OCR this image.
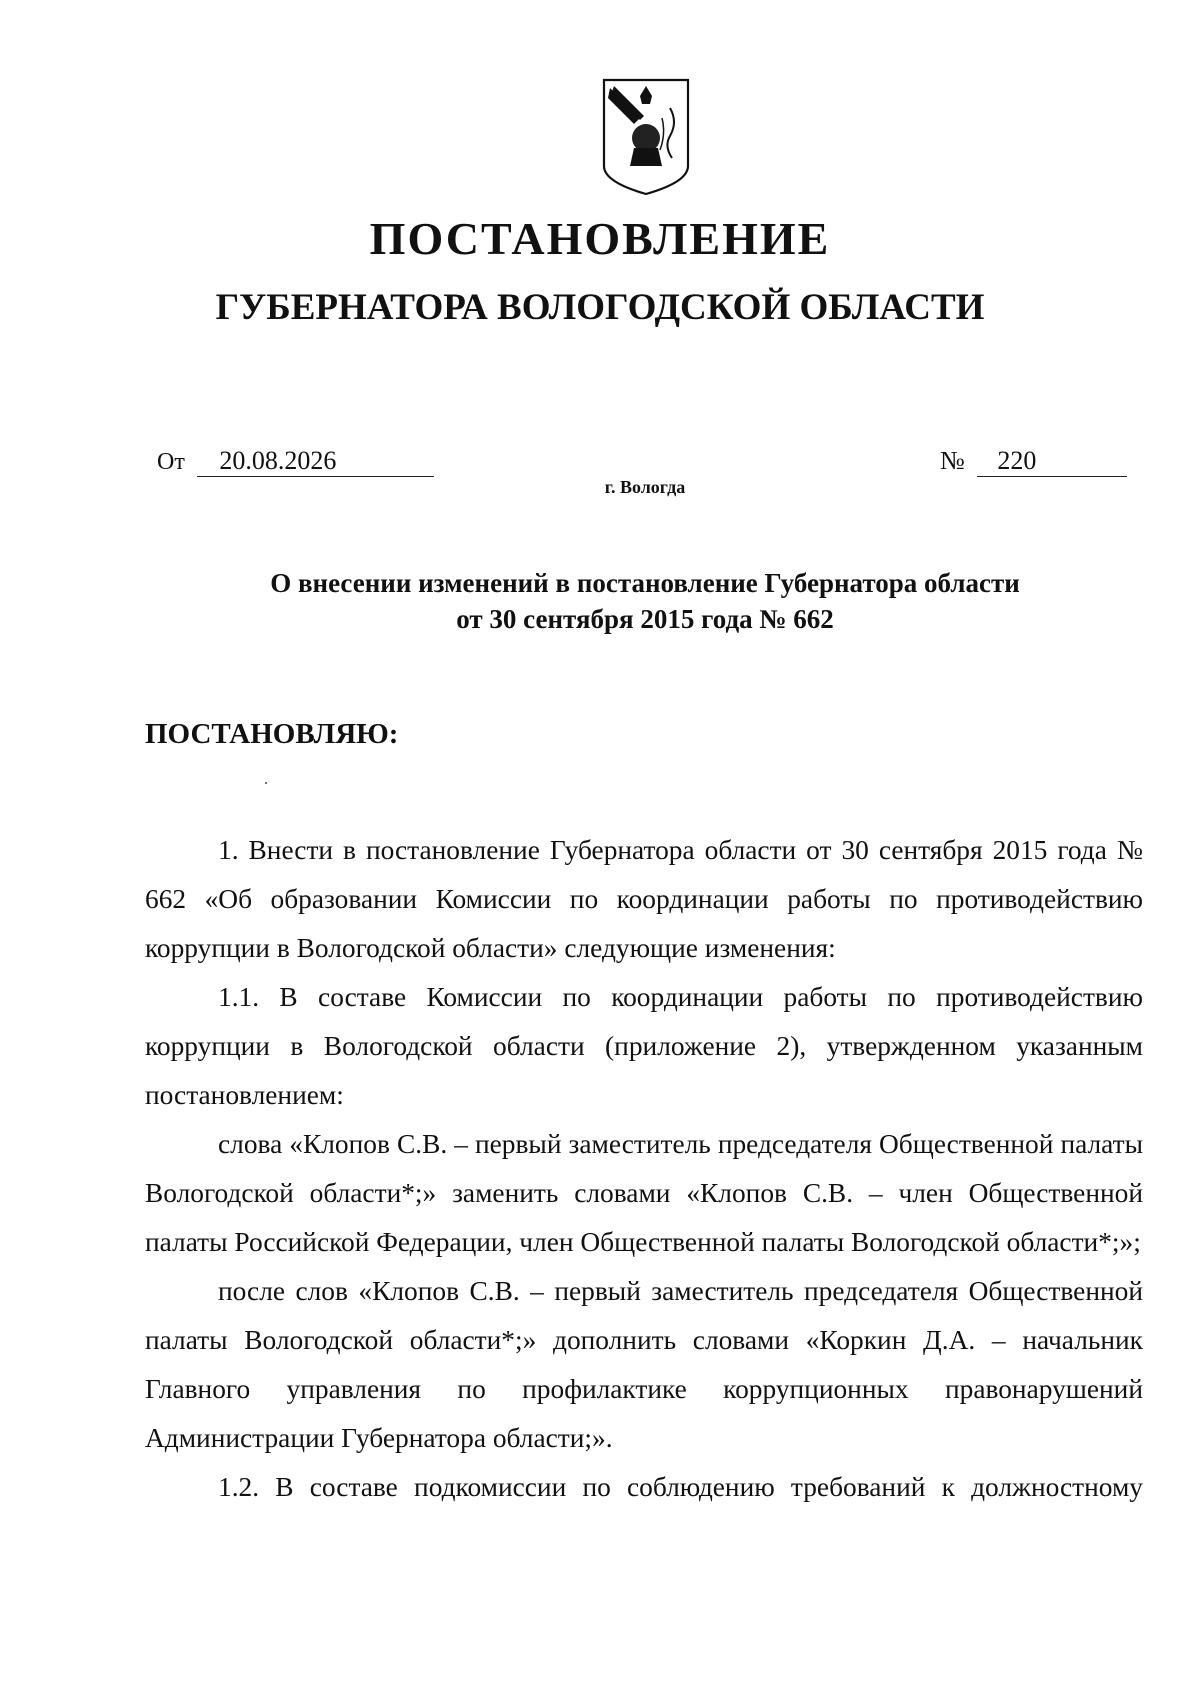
ПОСТАНОВЛЕНИЕ
ГУБЕРНАТОРА ВОЛОГОДСКОЙ ОБЛАСТИ
От 20.08.2026	№ 220
г. Вологда

О внесении изменений в постановление Губернатора области
от 30 сентября 2015 года № 662

ПОСТАНОВЛЯЮ:

1. Внести в постановление Губернатора области от 30 сентября 2015 года № 662 «Об образовании Комиссии по координации работы по противодействию коррупции в Вологодской области» следующие изменения:

1.1. В составе Комиссии по координации работы по противодействию коррупции в Вологодской области (приложение 2), утвержденном указанным постановлением:

слова «Клопов С.В. – первый заместитель председателя Общественной палаты Вологодской области*;» заменить словами «Клопов С.В. – член Общественной палаты Российской Федерации, член Общественной палаты Вологодской области*;»;

после слов «Клопов С.В. – первый заместитель председателя Общественной палаты Вологодской области*;» дополнить словами «Коркин Д.А. – начальник Главного управления по профилактике коррупционных правонарушений Администрации Губернатора области;».

1.2. В составе подкомиссии по соблюдению требований к должностному
